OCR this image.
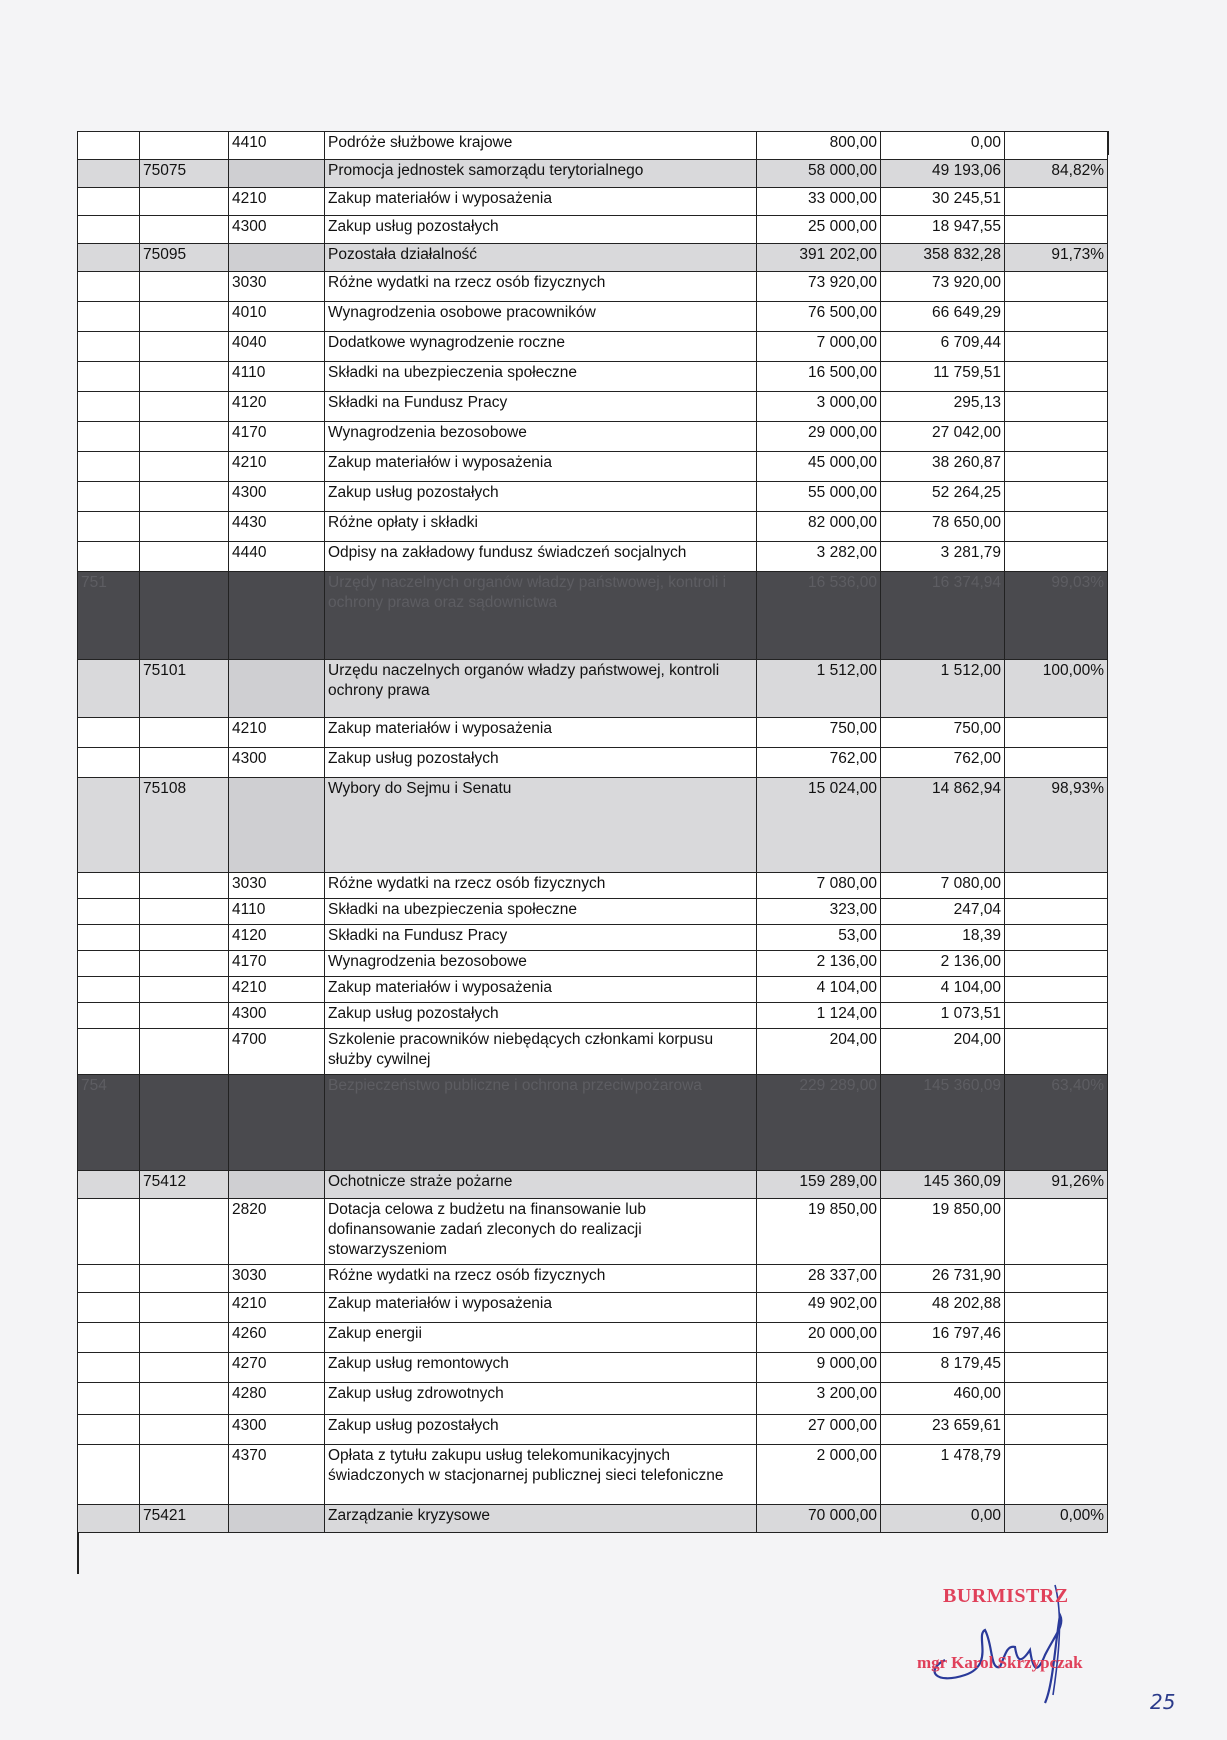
		4410	Podróże służbowe krajowe	800,00	0,00	
	75075		Promocja jednostek samorządu terytorialnego	58 000,00	49 193,06	84,82%
		4210	Zakup materiałów i wyposażenia	33 000,00	30 245,51	
		4300	Zakup usług pozostałych	25 000,00	18 947,55	
	75095		Pozostała działalność	391 202,00	358 832,28	91,73%
		3030	Różne wydatki na rzecz osób fizycznych	73 920,00	73 920,00	
		4010	Wynagrodzenia osobowe pracowników	76 500,00	66 649,29	
		4040	Dodatkowe wynagrodzenie roczne	7 000,00	6 709,44	
		4110	Składki na ubezpieczenia społeczne	16 500,00	11 759,51	
		4120	Składki na Fundusz Pracy	3 000,00	295,13	
		4170	Wynagrodzenia bezosobowe	29 000,00	27 042,00	
		4210	Zakup materiałów i wyposażenia	45 000,00	38 260,87	
		4300	Zakup usług pozostałych	55 000,00	52 264,25	
		4430	Różne opłaty i składki	82 000,00	78 650,00	
		4440	Odpisy na zakładowy fundusz świadczeń socjalnych	3 282,00	3 281,79	
751			Urzędy naczelnych organów władzy państwowej, kontroli i ochrony prawa oraz sądownictwa	16 536,00	16 374,94	99,03%
	75101		Urzędu naczelnych organów władzy państwowej, kontroli ochrony prawa	1 512,00	1 512,00	100,00%
		4210	Zakup materiałów i wyposażenia	750,00	750,00	
		4300	Zakup usług pozostałych	762,00	762,00	
	75108		Wybory do Sejmu i Senatu	15 024,00	14 862,94	98,93%
		3030	Różne wydatki na rzecz osób fizycznych	7 080,00	7 080,00	
		4110	Składki na ubezpieczenia społeczne	323,00	247,04	
		4120	Składki na Fundusz Pracy	53,00	18,39	
		4170	Wynagrodzenia bezosobowe	2 136,00	2 136,00	
		4210	Zakup materiałów i wyposażenia	4 104,00	4 104,00	
		4300	Zakup usług pozostałych	1 124,00	1 073,51	
		4700	Szkolenie pracowników niebędących członkami korpusu służby cywilnej	204,00	204,00	
754			Bezpieczeństwo publiczne i ochrona przeciwpożarowa	229 289,00	145 360,09	63,40%
	75412		Ochotnicze straże pożarne	159 289,00	145 360,09	91,26%
		2820	Dotacja celowa z budżetu na finansowanie lub dofinansowanie zadań zleconych do realizacji stowarzyszeniom	19 850,00	19 850,00	
		3030	Różne wydatki na rzecz osób fizycznych	28 337,00	26 731,90	
		4210	Zakup materiałów i wyposażenia	49 902,00	48 202,88	
		4260	Zakup energii	20 000,00	16 797,46	
		4270	Zakup usług remontowych	9 000,00	8 179,45	
		4280	Zakup usług zdrowotnych	3 200,00	460,00	
		4300	Zakup usług pozostałych	27 000,00	23 659,61	
		4370	Opłata z tytułu zakupu usług telekomunikacyjnych świadczonych w stacjonarnej publicznej sieci telefoniczne	2 000,00	1 478,79	
	75421		Zarządzanie kryzysowe	70 000,00	0,00	0,00%
BURMISTRZ
mgr Karol Skrzypczak
25
